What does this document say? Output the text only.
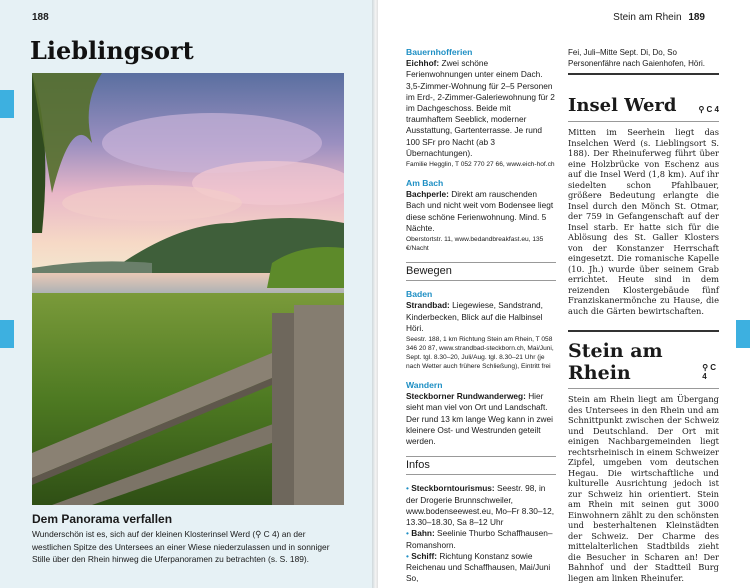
188
Lieblingsort
Dem Panorama verfallen
Wunderschön ist es, sich auf der kleinen Klosterinsel Werd (⚲ C 4) an der westlichen Spitze des Untersees an einer Wiese niederzulassen und in sonniger Stille über den Rhein hinweg die Uferpanoramen zu betrachten (s. S. 189).
Stein am Rhein 189
Bauernhofferien
Eichhof: Zwei schöne Ferienwohnungen unter einem Dach. 3,5-Zimmer-Wohnung für 2–5 Personen im Erd-, 2-Zimmer-Galeriewohnung für 2 im Dachgeschoss. Beide mit traumhaftem Seeblick, moderner Ausstattung, Gartenterrasse. Je rund 100 SFr pro Nacht (ab 3 Übernachtungen).
Familie Hegglin, T 052 770 27 66, www.eich-hof.ch
Am Bach
Bachperle: Direkt am rauschenden Bach und nicht weit vom Bodensee liegt diese schöne Ferienwohnung. Mind. 5 Nächte.
Oberstortstr. 11, www.bedandbreakfast.eu, 135 €/Nacht
Bewegen
Baden
Strandbad: Liegewiese, Sandstrand, Kinderbecken, Blick auf die Halbinsel Höri.
Seestr. 188, 1 km Richtung Stein am Rhein, T 058 346 20 87, www.strandbad-steckborn.ch, Mai/Juni, Sept. tgl. 8.30–20, Juli/Aug. tgl. 8.30–21 Uhr (je nach Wetter auch frühere Schließung), Eintritt frei
Wandern
Steckborner Rundwanderweg: Hier sieht man viel von Ort und Landschaft. Der rund 13 km lange Weg kann in zwei kleinere Ost- und Westrunden geteilt werden.
Infos
• Steckborntourismus: Seestr. 98, in der Drogerie Brunnschweiler, www.bodenseewest.eu, Mo–Fr 8.30–12, 13.30–18.30, Sa 8–12 Uhr
• Bahn: Seelinie Thurbo Schaffhausen–Romanshorn.
• Schiff: Richtung Konstanz sowie Reichenau und Schaffhausen, Mai/Juni So,
Fei, Juli–Mitte Sept. Di, Do, So Personenfähre nach Gaienhofen, Höri.
Insel Werd	⚲ C 4
Mitten im Seerhein liegt das Inselchen Werd (s. Lieblingsort S. 188). Der Rheinuferweg führt über eine Holzbrücke von Eschenz aus auf die Insel Werd (1,8 km). Auf ihr siedelten schon Pfahlbauer, größere Bedeutung erlangte die Insel durch den Mönch St. Otmar, der 759 in Gefangenschaft auf der Insel starb. Er hatte sich für die Ablösung des St. Galler Klosters von der Konstanzer Herrschaft eingesetzt. Die romanische Kapelle (10. Jh.) wurde über seinem Grab errichtet. Heute sind in dem reizenden Klostergebäude fünf Franziskanermönche zu Hause, die auch die Gärten bewirtschaften.
Stein am Rhein	⚲ C 4
Stein am Rhein liegt am Übergang des Untersees in den Rhein und am Schnittpunkt zwischen der Schweiz und Deutschland. Der Ort mit einigen Nachbargemeinden liegt rechtsrheinisch in einem Schweizer Zipfel, umgeben vom deutschen Hegau. Die wirtschaftliche und kulturelle Ausrichtung jedoch ist zur Schweiz hin orientiert. Stein am Rhein mit seinen gut 3000 Einwohnern zählt zu den schönsten und besterhaltenen Kleinstädten der Schweiz. Der Charme des mittelalterlichen Stadtbilds zieht die Besucher in Scharen an! Der Bahnhof und der Stadtteil Burg liegen am linken Rheinufer.
